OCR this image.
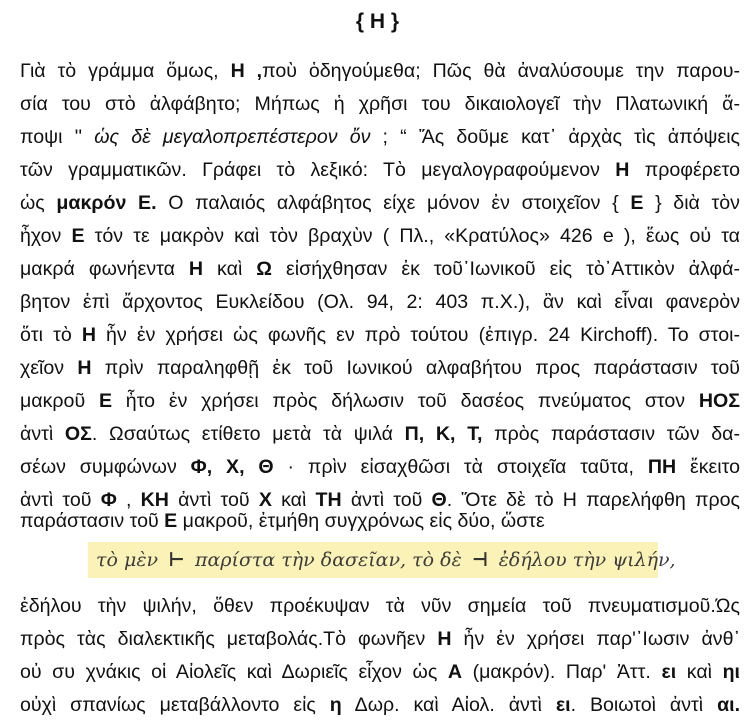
{ Η }
Γιὰ τὸ γράμμα ὅμως, Η ,ποὺ ὁδηγούμεθα; Πῶς θὰ ἀναλύσουμε την παρου-
σία του στὸ ἀλφάβητο; Μήπως ἡ χρῆσι του δικαιολογεῖ τὴν Πλατωνική ἄ-
ποψι '' ὡς δὲ μεγαλοπρεπέστερον ὄν ; “ Ἄς δοῦμε κατ᾽ ἀρχὰς τὶς ἀπόψεις
τῶν γραμματικῶν. Γράφει τὸ λεξικό: Τὸ μεγαλογραφούμενον Η προφέρετο
ὡς μακρόν Ε. Ο παλαιός αλφάβητος είχε μόνον ἐν στοιχεῖον { Ε } διὰ τὸν
ἦχον Ε τόν τε μακρὸν καὶ τὸν βραχὺν ( Πλ., «Κρατύλος» 426 e ), ἕως οὐ τα
μακρά φωνήεντα Η καὶ Ω εἰσήχθησαν ἐκ τοῦ᾽Ιωνικοῦ εἰς τὸ᾽Αττικὸν ἀλφά-
βητον ἐπὶ ἄρχοντος Ευκλείδου (Ολ. 94, 2: 403 π.Χ.), ἂν καὶ εἶναι φανερὸν
ὅτι τὸ Η ἦν ἐν χρήσει ὡς φωνῆς εν πρὸ τούτου (ἐπιγρ. 24 Kirchoff). Το στοι-
χεῖον Η πρὶν παραληφθῇ ἐκ τοῦ Ιωνικού αλφαβήτου προς παράστασιν τοῦ
μακροῦ Ε ἦτο ἐν χρήσει πρὸς δήλωσιν τοῦ δασέος πνεύματος στον ΗΟΣ
ἀντὶ ΟΣ. Ωσαύτως ετίθετο μετὰ τὰ ψιλά Π, Κ, Τ, πρὸς παράστασιν τῶν δα-
σέων συμφώνων Φ, Χ, Θ · πρὶν εἰσαχθῶσι τὰ στοιχεῖα ταῦτα, ΠΗ ἔκειτο
ἀντὶ τοῦ Φ , ΚΗ ἀντὶ τοῦ Χ καὶ ΤΗ ἀντὶ τοῦ Θ. Ὅτε δὲ τὸ Η παρελήφθη προς
παράστασιν τοῦ Ε μακροῦ, ἐτμήθη συγχρόνως εἰς δύο, ὥστε
τὸ μὲν ⊢ παρίστα τὴν δασεῖαν, τὸ δὲ ⊣ ἐδήλου τὴν ψιλήν,
ἐδήλου τὴν ψιλήν, ὅθεν προέκυψαν τὰ νῦν σημεία τοῦ πνευματισμοῦ.Ώς
πρὸς τὰς διαλεκτικῆς μεταβολάς.Τὸ φωνῆεν Η ἦν ἐν χρήσει παρ'᾽Ιωσιν ἀνθ᾽
οὐ συ χνάκις οἱ Αἰολεῖς καὶ Δωριεῖς εἶχον ὡς Α (μακρόν). Παρ' Ἀττ. ει καὶ ηι
οὐχὶ σπανίως μεταβάλλοντο εἰς η Δωρ. καὶ Αἰολ. ἀντὶ ει. Βοιωτοὶ ἀντὶ αι.
